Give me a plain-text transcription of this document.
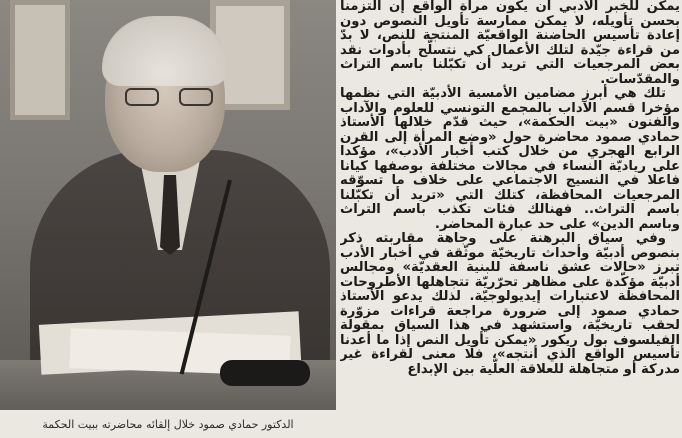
الدكتور حمادي صمود خلال إلقائه محاضرته ببيت الحكمة

يمكن للخبر الأدبي أن يكون مرآة الواقع إن التزمنا بحسن تأويله، لا يمكن ممارسة تأويل النصوص دون إعادة تأسيس الحاضنة الواقعيّة المنتجة للنص، لا بدّ من قراءة جيّدة لتلك الأعمال كي نتسلّح بأدوات نقد بعض المرجعيات التي تريد أن تكبّلنا باسم التراث والمقدّسات.

تلك هي أبرز مضامين الأمسية الأدبيّة التي نظمها مؤخرا قسم الآداب بالمجمع التونسي للعلوم والآداب والفنون «بيت الحكمة»، حيث قدّم خلالها الأستاذ حمادي صمود محاضرة حول «وضع المرأة إلى القرن الرابع الهجري من خلال كتب أخبار الأدب»، مؤكدا على رياديّة النساء في مجالات مختلفة بوصفها كيانا فاعلا في النسيج الاجتماعي على خلاف ما تسوّقه المرجعيات المحافظة، كتلك التي «تريد أن تكبّلنا باسم التراث.. فهنالك فئات تكذب باسم التراث وباسم الدين» على حد عبارة المحاضر.

وفي سياق البرهنة على وجاهة مقاربته ذكر بنصوص أدبيّة وأحداث تاريخيّة موثّقة في أخبار الأدب تبرز «حالات عشق ناسفة للبنية العقديّة» ومجالس أدبيّة مؤكّدة على مظاهر تحرّريّة تتجاهلها الأطروحات المحافظة لاعتبارات إيديولوجيّة. لذلك يدعو الأستاذ حمادي صمود إلى ضرورة مراجعة قراءات مزوّرة لحقب تاريخيّة، واستشهد في هذا السياق بمقولة الفيلسوف بول ريكور «يمكن تأويل النص إذا ما أعدنا تأسيس الواقع الذي أنتجه»، فلا معنى لقراءة غير مدركة أو متجاهلة للعلاقة العلّية بين الإبداع
